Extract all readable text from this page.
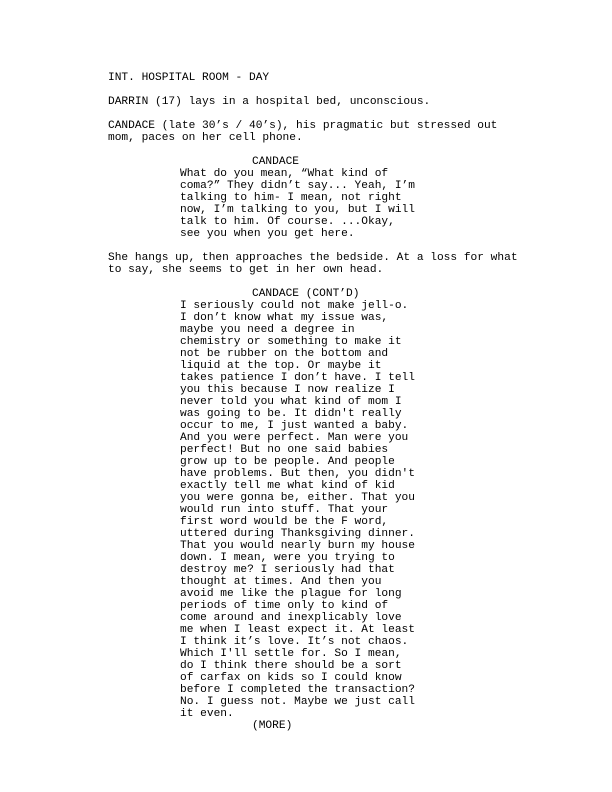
INT. HOSPITAL ROOM - DAY
DARRIN (17) lays in a hospital bed, unconscious.
CANDACE (late 30’s / 40’s), his pragmatic but stressed out
mom, paces on her cell phone.
CANDACE
What do you mean, “What kind of
coma?” They didn’t say... Yeah, I’m
talking to him- I mean, not right
now, I’m talking to you, but I will
talk to him. Of course. ...Okay,
see you when you get here.
She hangs up, then approaches the bedside. At a loss for what
to say, she seems to get in her own head.
CANDACE (CONT’D)
I seriously could not make jell-o.
I don’t know what my issue was,
maybe you need a degree in
chemistry or something to make it
not be rubber on the bottom and
liquid at the top. Or maybe it
takes patience I don’t have. I tell
you this because I now realize I
never told you what kind of mom I
was going to be. It didn't really
occur to me, I just wanted a baby.
And you were perfect. Man were you
perfect! But no one said babies
grow up to be people. And people
have problems. But then, you didn't
exactly tell me what kind of kid
you were gonna be, either. That you
would run into stuff. That your
first word would be the F word,
uttered during Thanksgiving dinner.
That you would nearly burn my house
down. I mean, were you trying to
destroy me? I seriously had that
thought at times. And then you
avoid me like the plague for long
periods of time only to kind of
come around and inexplicably love
me when I least expect it. At least
I think it’s love. It’s not chaos.
Which I'll settle for. So I mean,
do I think there should be a sort
of carfax on kids so I could know
before I completed the transaction?
No. I guess not. Maybe we just call
it even.
(MORE)
